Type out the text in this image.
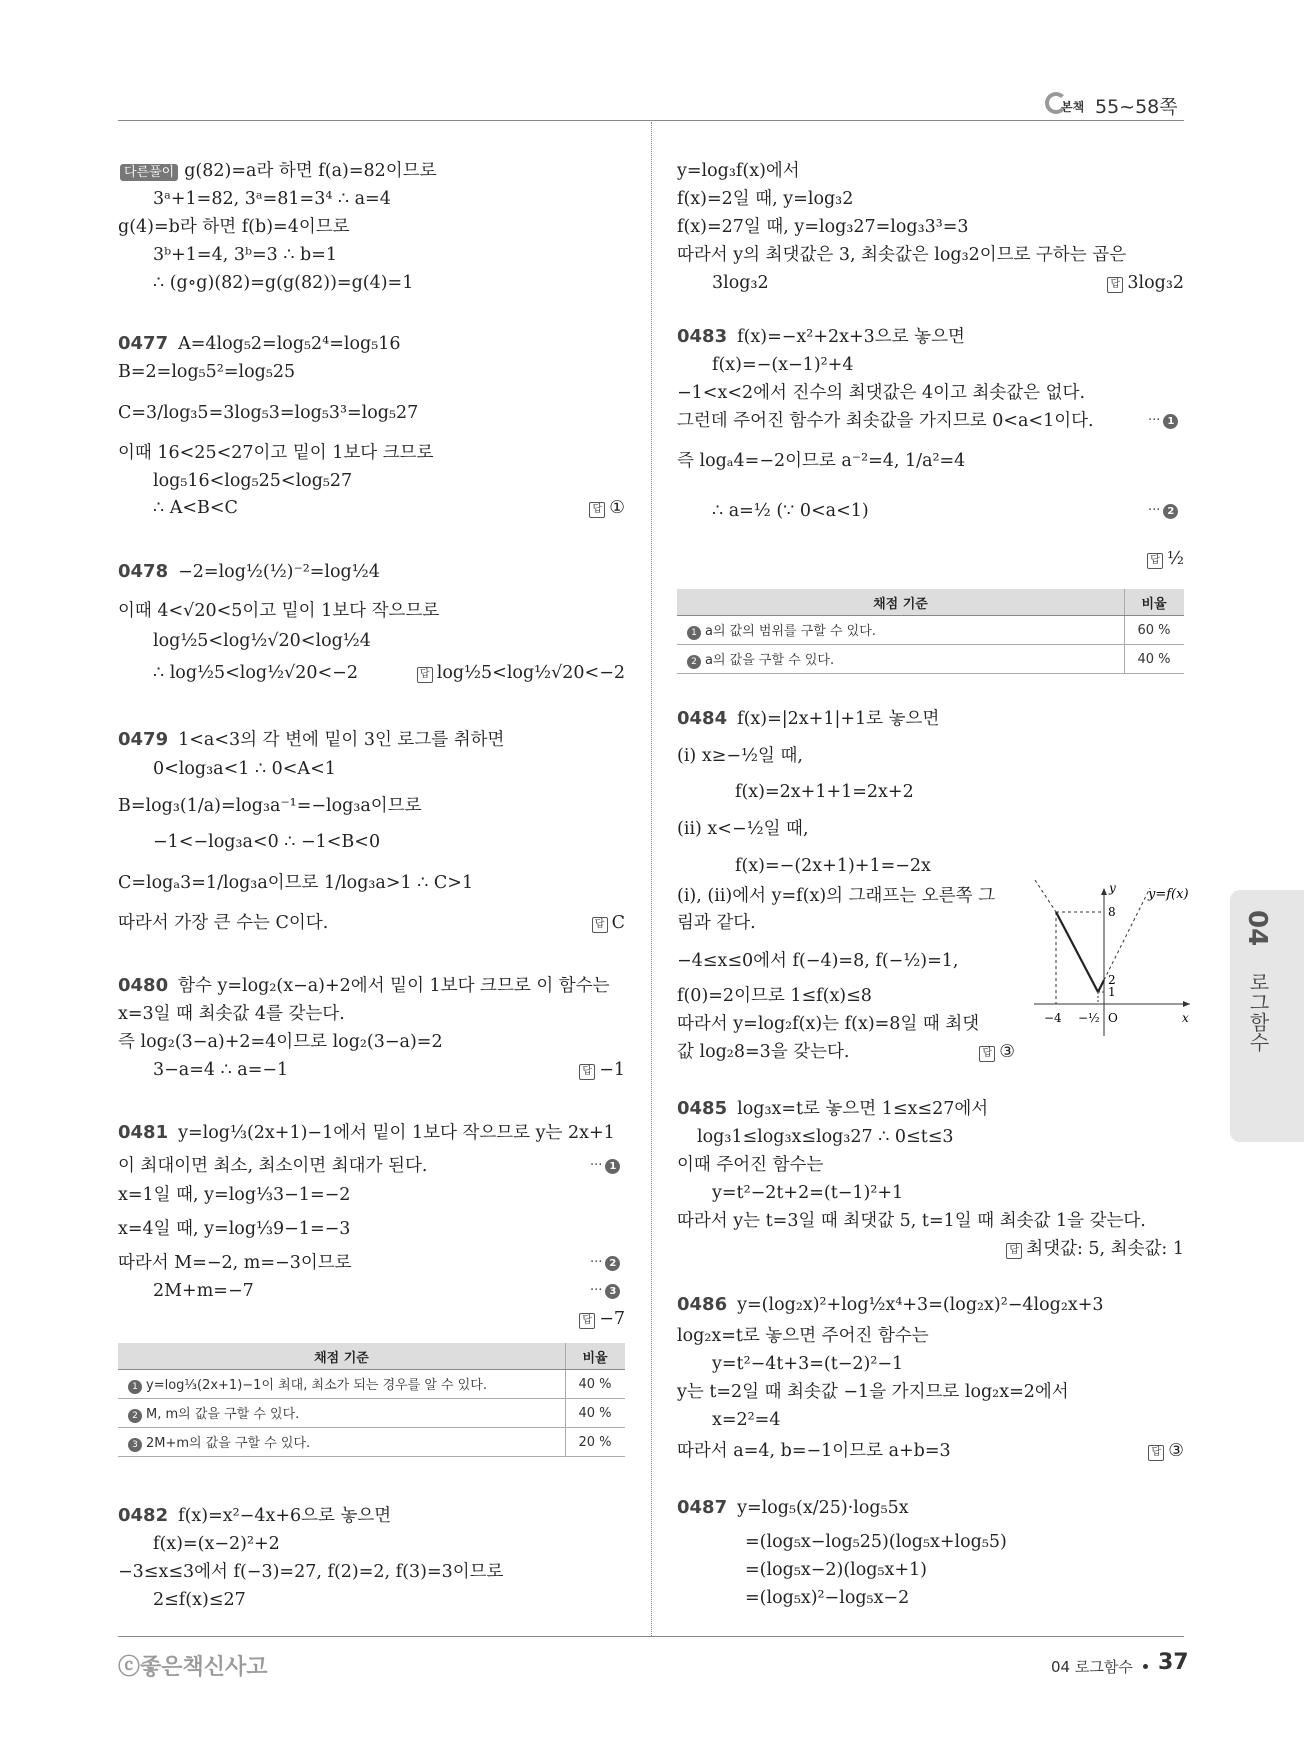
본책 55~58쪽
다른풀이 g(82)=a라 하면 f(a)=82이므로
3ᵃ+1=82, 3ᵃ=81=3⁴ ∴ a=4
g(4)=b라 하면 f(b)=4이므로
3ᵇ+1=4, 3ᵇ=3 ∴ b=1
∴ (g∘g)(82)=g(g(82))=g(4)=1
0477 A=4log₅2=log₅2⁴=log₅16
B=2=log₅5²=log₅25
C=3/log₃5=3log₅3=log₅3³=log₅27
이때 16<25<27이고 밑이 1보다 크므로
log₅16<log₅25<log₅27
∴ A<B<C	답 ①
0478 −2=log½(½)⁻²=log½4
이때 4<√20<5이고 밑이 1보다 작으므로
log½5<log½√20<log½4
∴ log½5<log½√20<−2	답 log½5<log½√20<−2
0479 1<a<3의 각 변에 밑이 3인 로그를 취하면
0<log₃a<1 ∴ 0<A<1
B=log₃(1/a)=log₃a⁻¹=−log₃a이므로
−1<−log₃a<0 ∴ −1<B<0
C=logₐ3=1/log₃a이므로 1/log₃a>1 ∴ C>1
따라서 가장 큰 수는 C이다.	답 C
0480 함수 y=log₂(x−a)+2에서 밑이 1보다 크므로 이 함수는
x=3일 때 최솟값 4를 갖는다.
즉 log₂(3−a)+2=4이므로 log₂(3−a)=2
3−a=4 ∴ a=−1	답 −1
0481 y=log⅓(2x+1)−1에서 밑이 1보다 작으므로 y는 2x+1
이 최대이면 최소, 최소이면 최대가 된다.	··· 1
x=1일 때, y=log⅓3−1=−2
x=4일 때, y=log⅓9−1=−3
따라서 M=−2, m=−3이므로	··· 2
2M+m=−7	··· 3
답 −7
채점 기준	비율
1 y=log⅓(2x+1)−1이 최대, 최소가 되는 경우를 알 수 있다.	40 %
2 M, m의 값을 구할 수 있다.	40 %
3 2M+m의 값을 구할 수 있다.	20 %
0482 f(x)=x²−4x+6으로 놓으면
f(x)=(x−2)²+2
−3≤x≤3에서 f(−3)=27, f(2)=2, f(3)=3이므로
2≤f(x)≤27
y=log₃f(x)에서
f(x)=2일 때, y=log₃2
f(x)=27일 때, y=log₃27=log₃3³=3
따라서 y의 최댓값은 3, 최솟값은 log₃2이므로 구하는 곱은
3log₃2	답 3log₃2
0483 f(x)=−x²+2x+3으로 놓으면
f(x)=−(x−1)²+4
−1<x<2에서 진수의 최댓값은 4이고 최솟값은 없다.
그런데 주어진 함수가 최솟값을 가지므로 0<a<1이다.	··· 1
즉 logₐ4=−2이므로 a⁻²=4, 1/a²=4
∴ a=½ (∵ 0<a<1)	··· 2
답 ½
채점 기준	비율
1 a의 값의 범위를 구할 수 있다.	60 %
2 a의 값을 구할 수 있다.	40 %
0484 f(x)=|2x+1|+1로 놓으면
(ⅰ) x≥−½일 때,
f(x)=2x+1+1=2x+2
(ⅱ) x<−½일 때,
f(x)=−(2x+1)+1=−2x
(ⅰ), (ⅱ)에서 y=f(x)의 그래프는 오른쪽 그
림과 같다.
−4≤x≤0에서 f(−4)=8, f(−½)=1,
f(0)=2이므로 1≤f(x)≤8
따라서 y=log₂f(x)는 f(x)=8일 때 최댓
값 log₂8=3을 갖는다.	답 ③
y=f(x)
y
x
O
8
2
1
−4 −½
0485 log₃x=t로 놓으면 1≤x≤27에서
log₃1≤log₃x≤log₃27 ∴ 0≤t≤3
이때 주어진 함수는
y=t²−2t+2=(t−1)²+1
따라서 y는 t=3일 때 최댓값 5, t=1일 때 최솟값 1을 갖는다.
답 최댓값: 5, 최솟값: 1
0486 y=(log₂x)²+log½x⁴+3=(log₂x)²−4log₂x+3
log₂x=t로 놓으면 주어진 함수는
y=t²−4t+3=(t−2)²−1
y는 t=2일 때 최솟값 −1을 가지므로 log₂x=2에서
x=2²=4
따라서 a=4, b=−1이므로 a+b=3	답 ③
0487 y=log₅(x/25)·log₅5x
=(log₅x−log₅25)(log₅x+log₅5)
=(log₅x−2)(log₅x+1)
=(log₅x)²−log₅x−2
04
로그함수
ⓒ좋은책신사고	04 로그함수 37
